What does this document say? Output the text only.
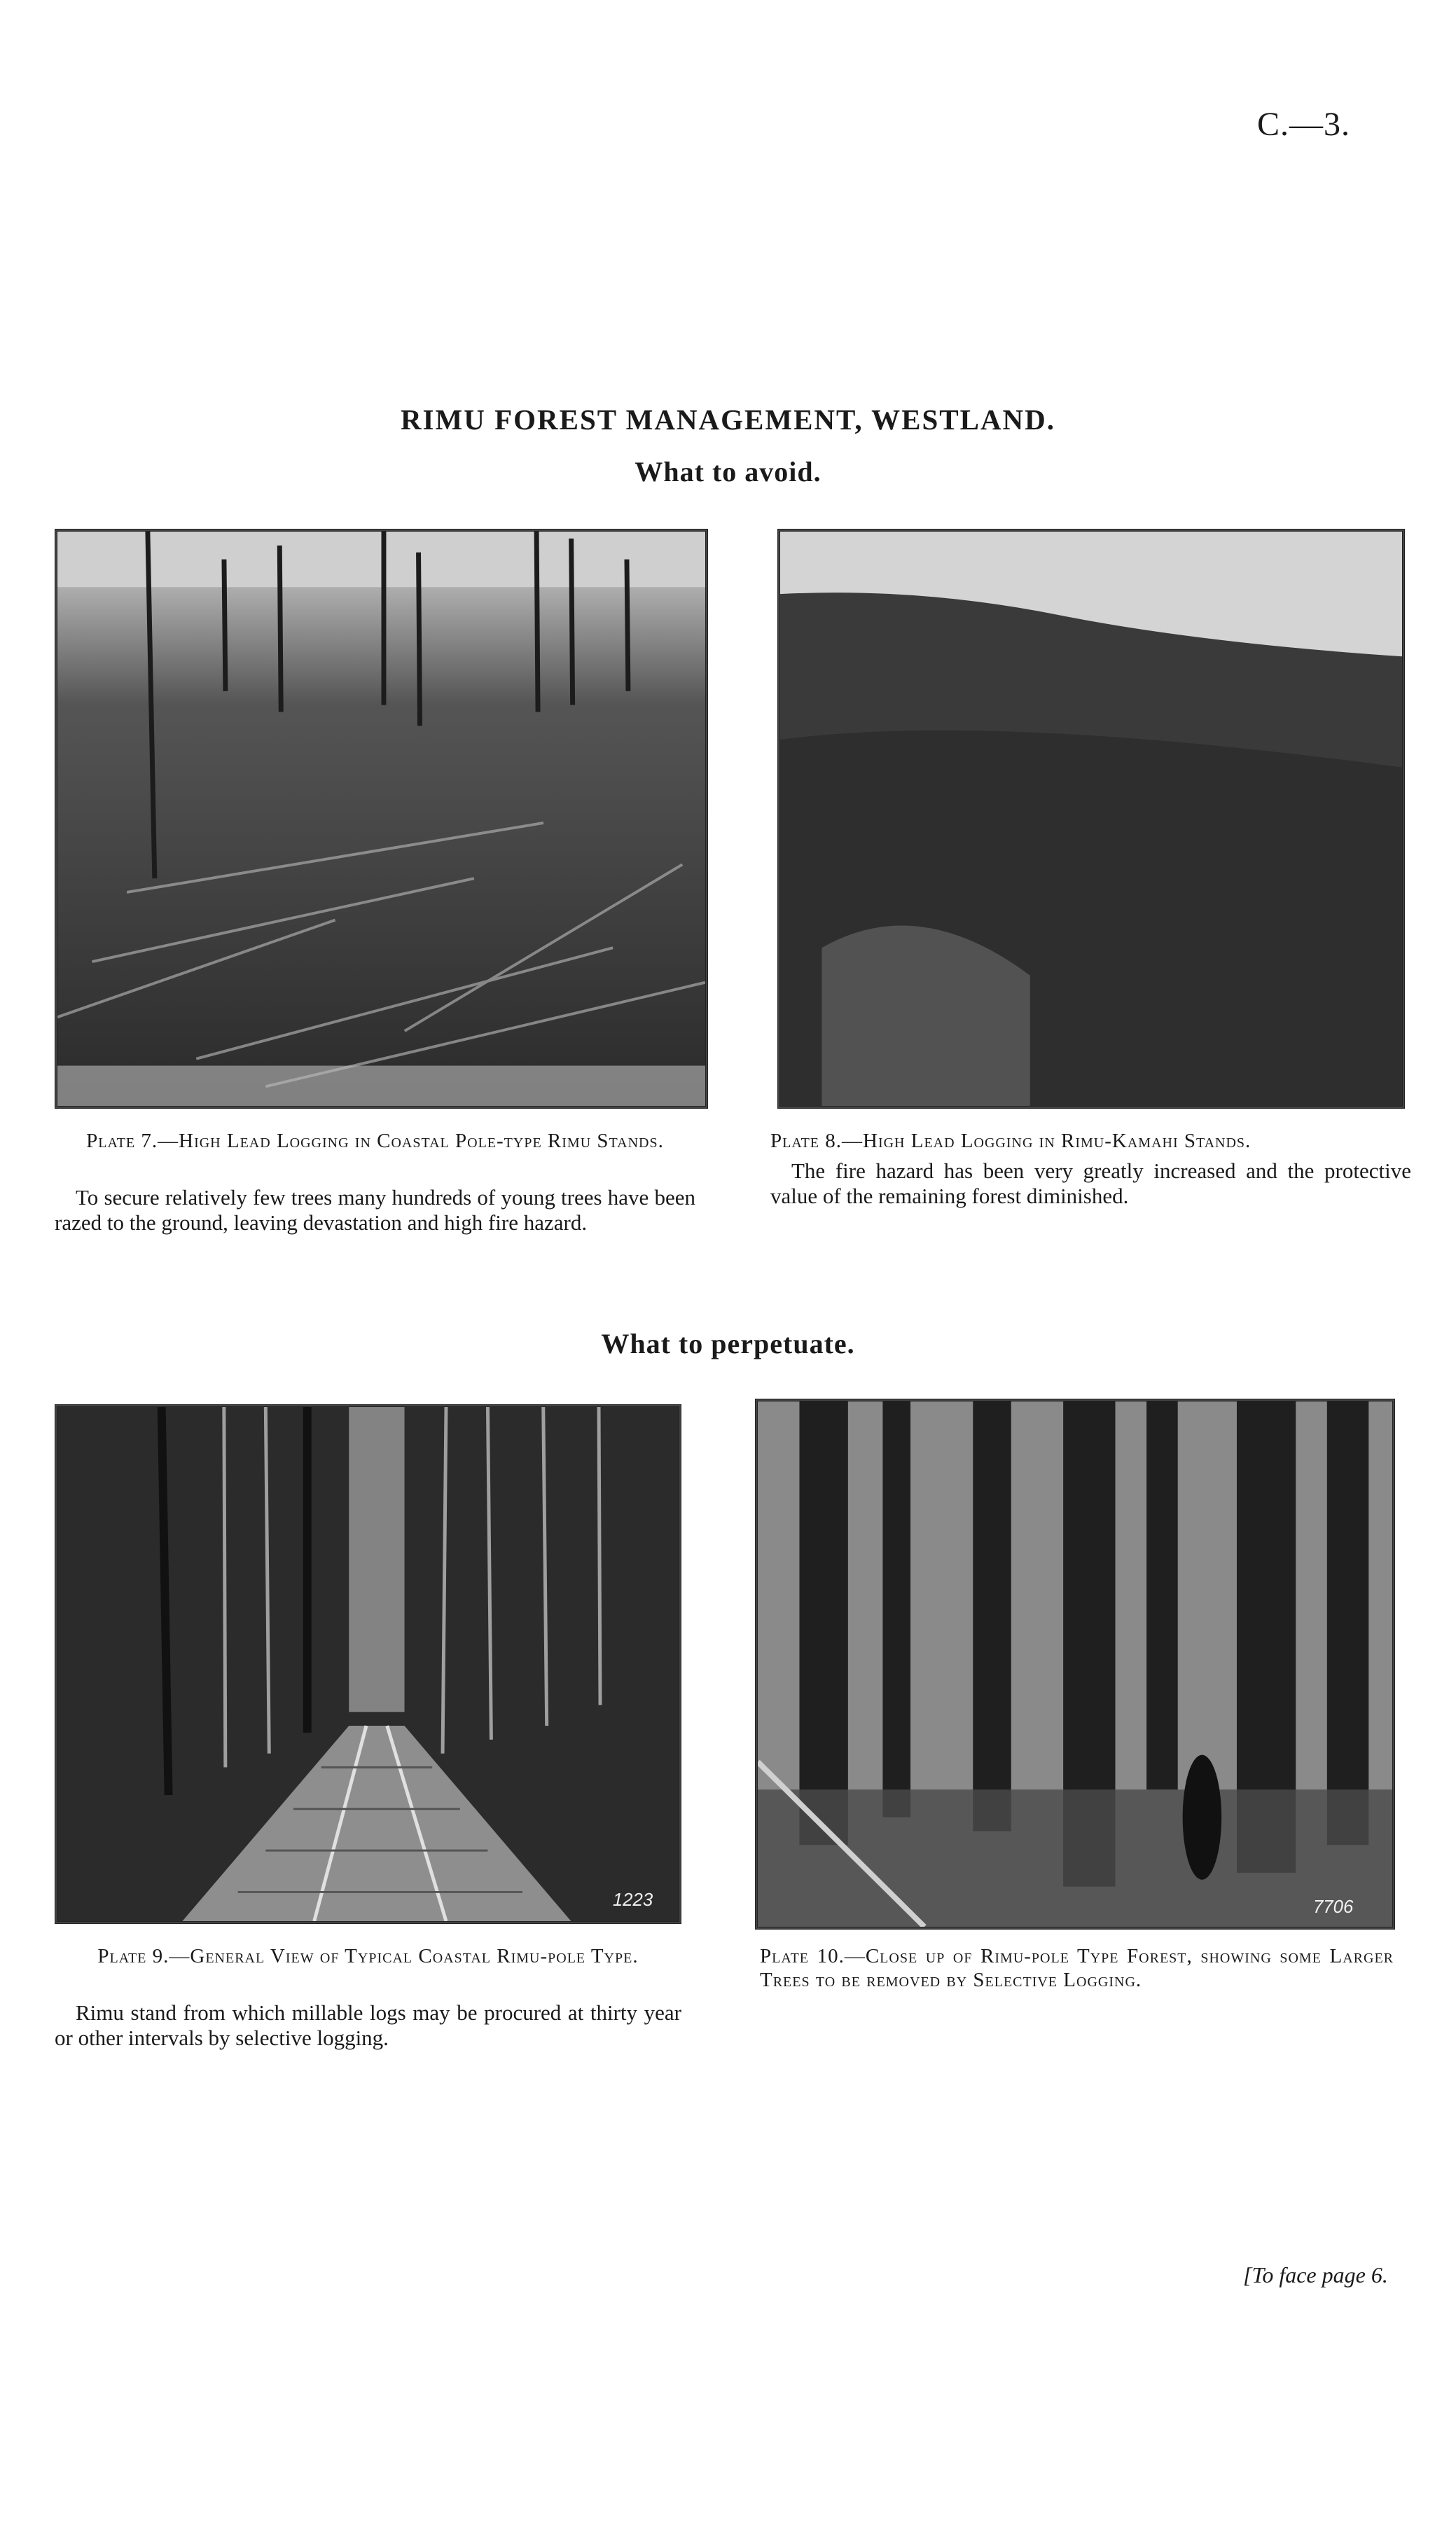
C.—3.
RIMU FOREST MANAGEMENT, WESTLAND.
What to avoid.
Plate 7.—High Lead Logging in Coastal Pole-type Rimu Stands.
To secure relatively few trees many hundreds of young trees have been razed to the ground, leaving devastation and high fire hazard.
Plate 8.—High Lead Logging in Rimu-Kamahi Stands.
The fire hazard has been very greatly increased and the protective value of the remaining forest diminished.
What to perpetuate.
1223
Plate 9.—General View of Typical Coastal Rimu-pole Type.
Rimu stand from which millable logs may be procured at thirty year or other intervals by selective logging.
7706
Plate 10.—Close up of Rimu-pole Type Forest, showing some Larger Trees to be removed by Selective Logging.
[To face page 6.
